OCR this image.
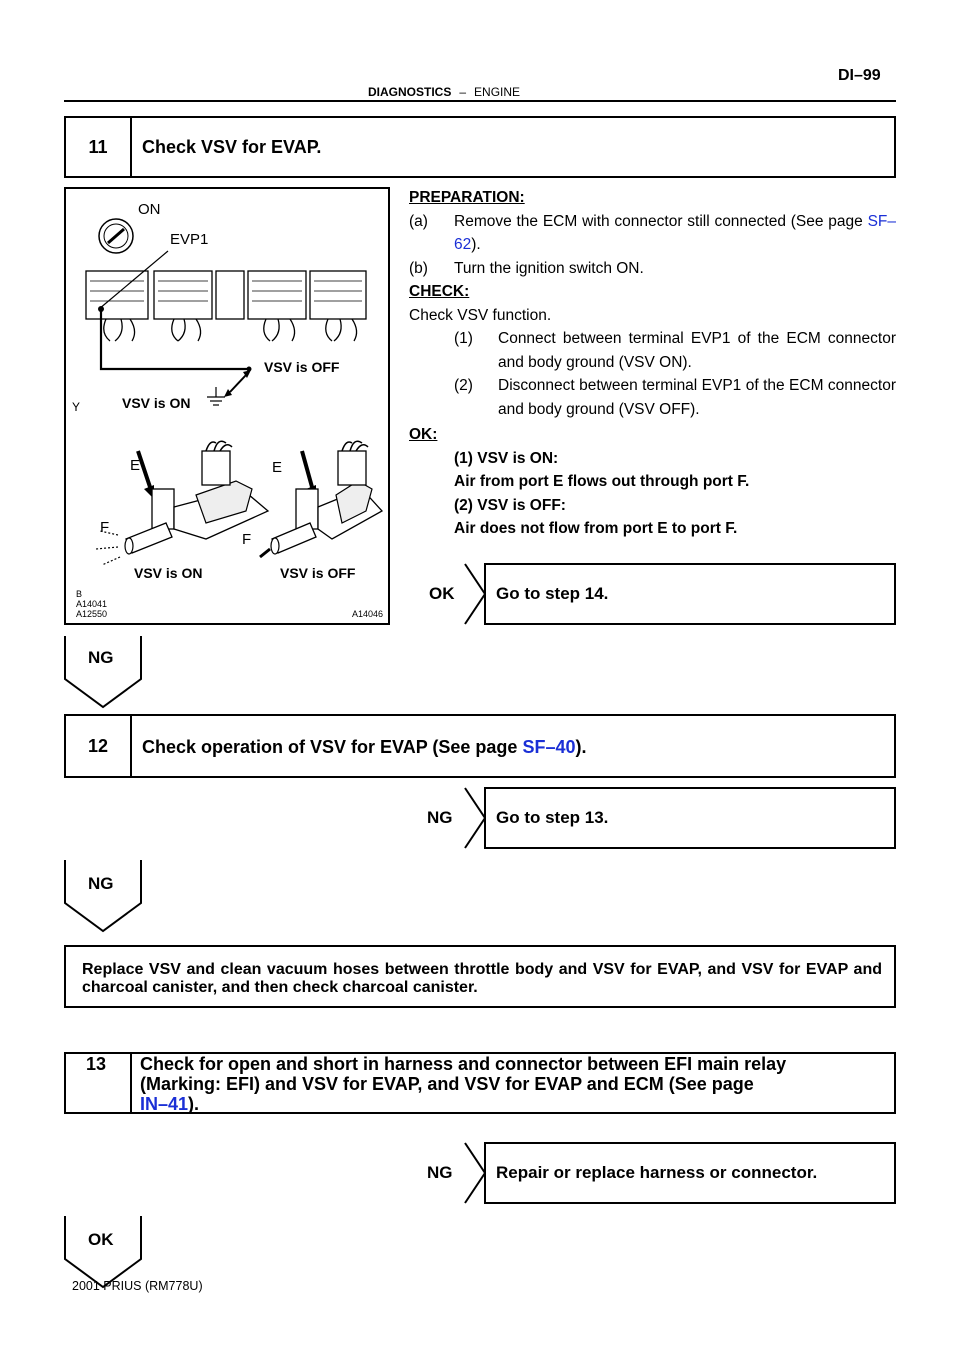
DIAGNOSTICS – ENGINE
DI–99
11	Check VSV for EVAP.
Y
ON
EVP1
VSV is OFF
VSV is ON
E	E
F
F
VSV is ON	VSV is OFF
B
A14041
A12550	A14046
PREPARATION:
(a) Remove the ECM with connector still connected (See page SF–62).
(b) Turn the ignition switch ON.
CHECK:
Check VSV function.
(1) Connect between terminal EVP1 of the ECM connector and body ground (VSV ON).
(2) Disconnect between terminal EVP1 of the ECM connector and body ground (VSV OFF).
OK:
(1) VSV is ON:
Air from port E flows out through port F.
(2) VSV is OFF:
Air does not flow from port E to port F.
OK Go to step 14.
NG
12	Check operation of VSV for EVAP (See page SF–40).
NG	Go to step 13.
NG
Replace VSV and clean vacuum hoses between throttle body and VSV for EVAP, and VSV for EVAP and charcoal canister, and then check charcoal canister.
13 Check for open and short in harness and connector between EFI main relay
(Marking: EFI) and VSV for EVAP, and VSV for EVAP and ECM (See page
IN–41).
NG	Repair or replace harness or connector.
OK
2001 PRIUS (RM778U)
